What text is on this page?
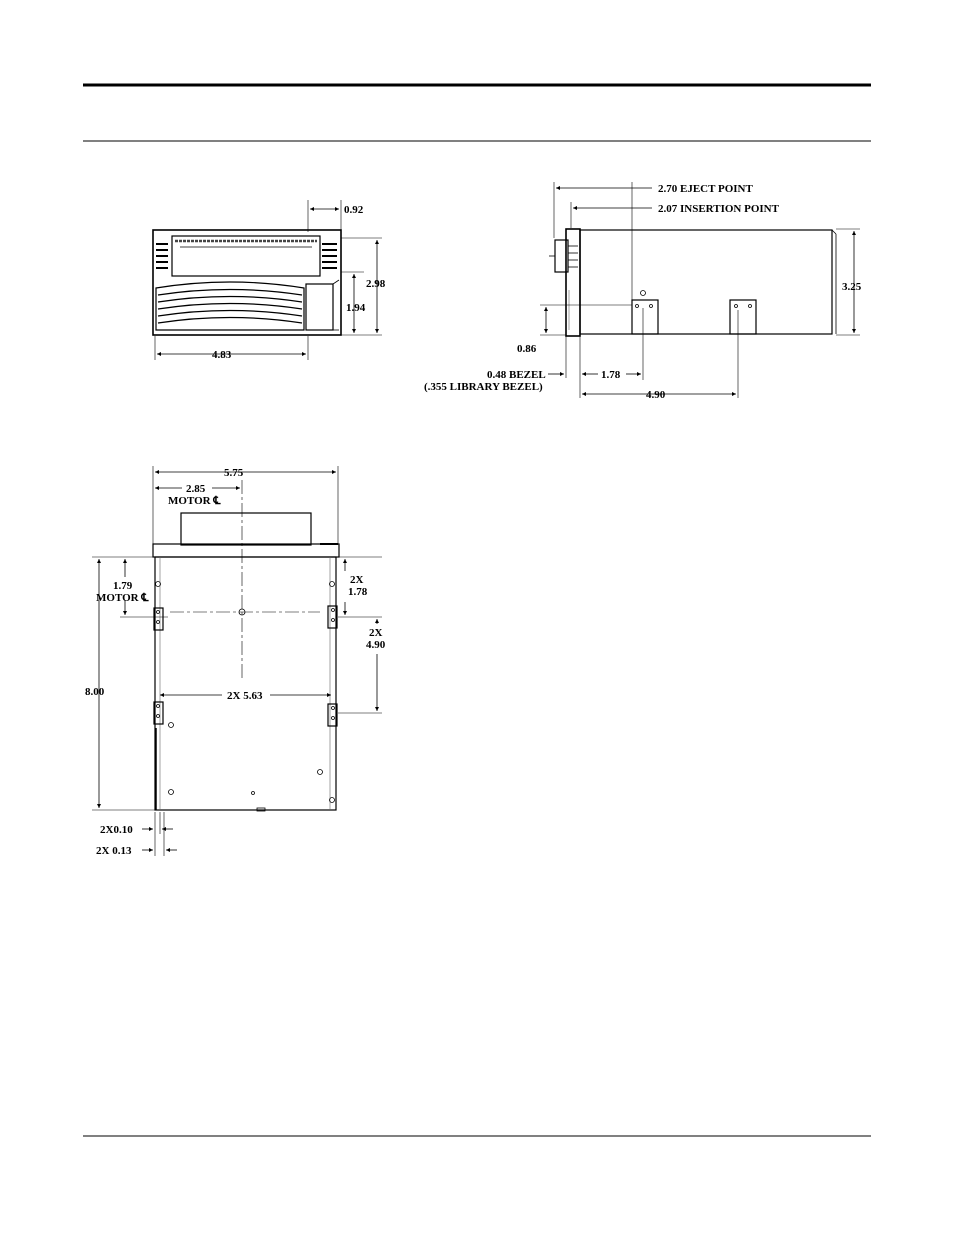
0.92
2.98
1.94
4.83
2.70 EJECT POINT
2.07 INSERTION POINT
3.25
0.86
0.48 BEZEL
(.355 LIBRARY BEZEL)
1.78
4.90
5.75
2.85
MOTOR ℄
8.00
1.79
MOTOR ℄
2X
1.78
2X
4.90
2X 5.63
2X0.10
2X 0.13
